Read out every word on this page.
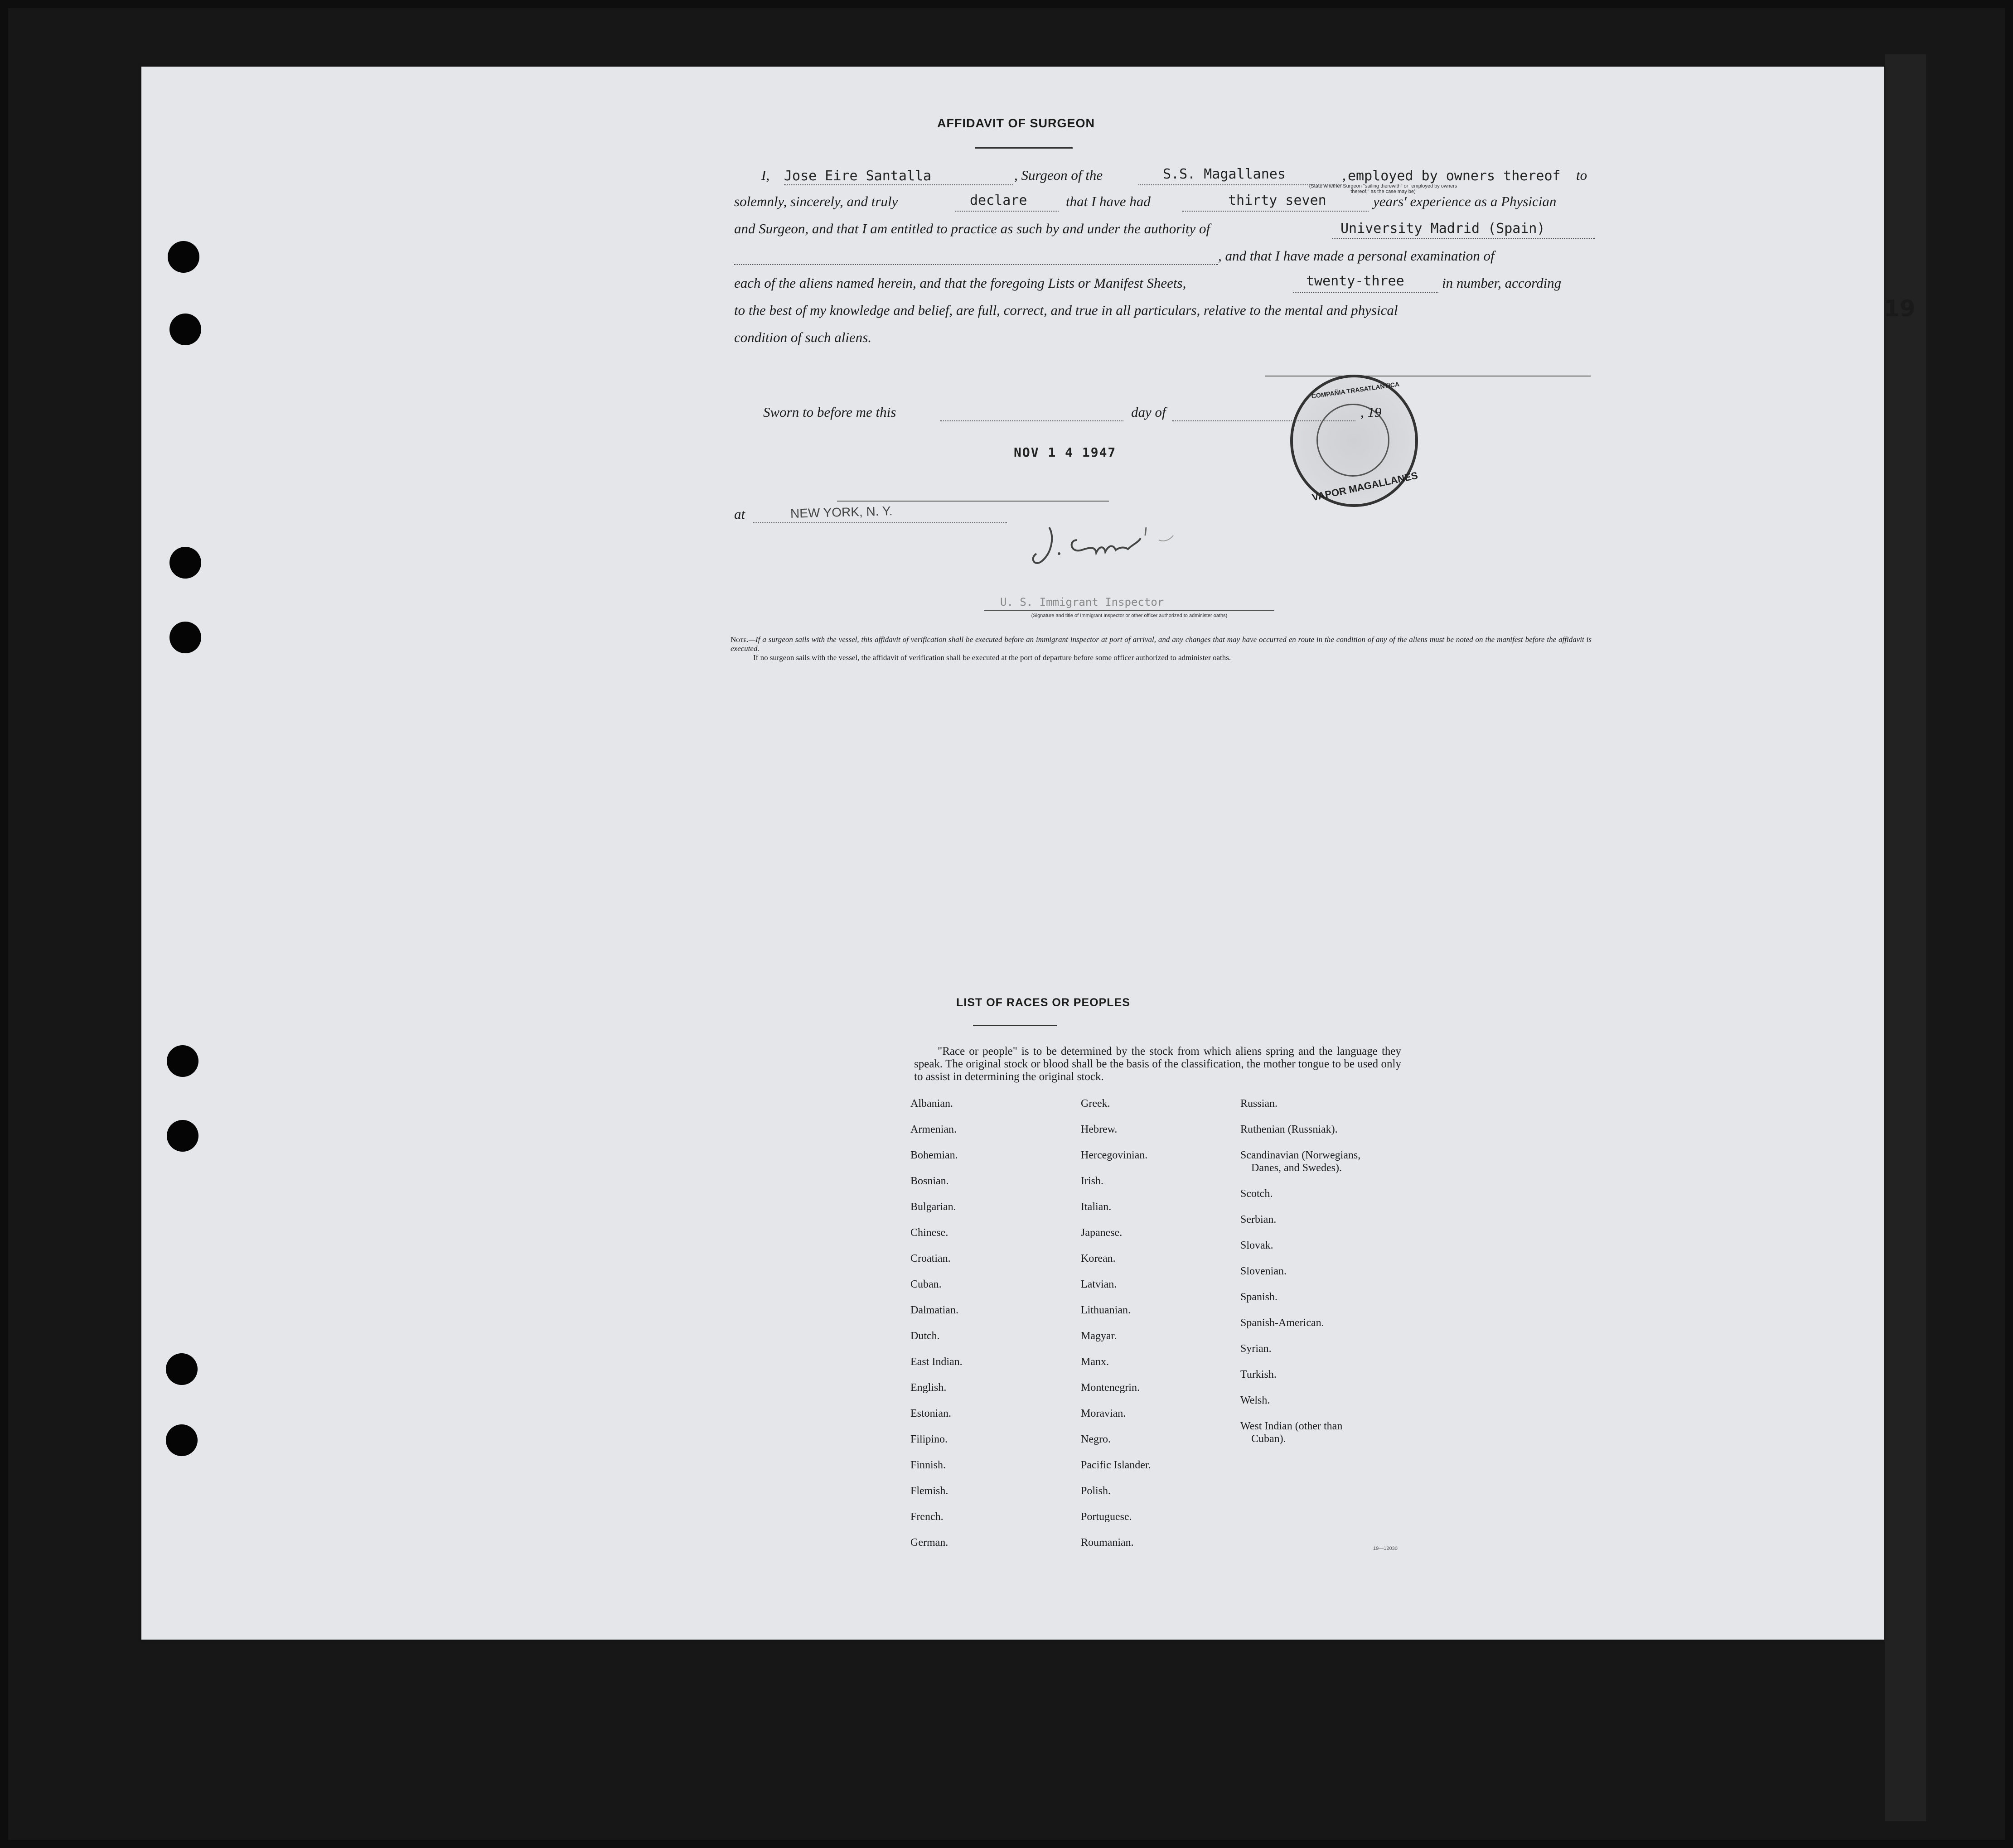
19
AFFIDAVIT OF SURGEON
I, Jose Eire Santalla	, Surgeon of the	S.S. Magallanes	, employed by owners thereof to
(State whether Surgeon "sailing therewith" or "employed by owners thereof," as the case may be)
solemnly, sincerely, and truly	declare	that I have had	thirty seven	years' experience as a Physician
and Surgeon, and that I am entitled to practice as such by and under the authority of	University Madrid (Spain)
, and that I have made a personal examination of
each of the aliens named herein, and that the foregoing Lists or Manifest Sheets,	twenty-three	in number, according
to the best of my knowledge and belief, are full, correct, and true in all particulars, relative to the mental and physical
condition of such aliens.
COMPAÑIA TRASATLANTICA
VAPOR MAGALLANES
NOV 1 4 1947
Sworn to before me this	day of	, 19
at	NEW YORK, N. Y.
U. S. Immigrant Inspector
(Signature and title of Immigrant Inspector or other officer authorized to administer oaths)

Note.—If a surgeon sails with the vessel, this affidavit of verification shall be executed before an immigrant inspector at port of arrival, and any changes that may have occurred en route in the condition of any of the aliens must be noted on the manifest before the affidavit is executed.

If no surgeon sails with the vessel, the affidavit of verification shall be executed at the port of departure before some officer authorized to administer oaths.

LIST OF RACES OR PEOPLES

"Race or people" is to be determined by the stock from which aliens spring and the language they speak. The original stock or blood shall be the basis of the classification, the mother tongue to be used only to assist in determining the original stock.

Albanian.
Armenian.
Bohemian.
Bosnian.
Bulgarian.
Chinese.
Croatian.
Cuban.
Dalmatian.
Dutch.
East Indian.
English.
Estonian.
Filipino.
Finnish.
Flemish.
French.
German.
Greek.
Hebrew.
Hercegovinian.
Irish.
Italian.
Japanese.
Korean.
Latvian.
Lithuanian.
Magyar.
Manx.
Montenegrin.
Moravian.
Negro.
Pacific Islander.
Polish.
Portuguese.
Roumanian.
Russian.
Ruthenian (Russniak).
Scandinavian (Norwegians,
Danes, and Swedes).
Scotch.
Serbian.
Slovak.
Slovenian.
Spanish.
Spanish-American.
Syrian.
Turkish.
Welsh.
West Indian (other than
Cuban).
19—12030
